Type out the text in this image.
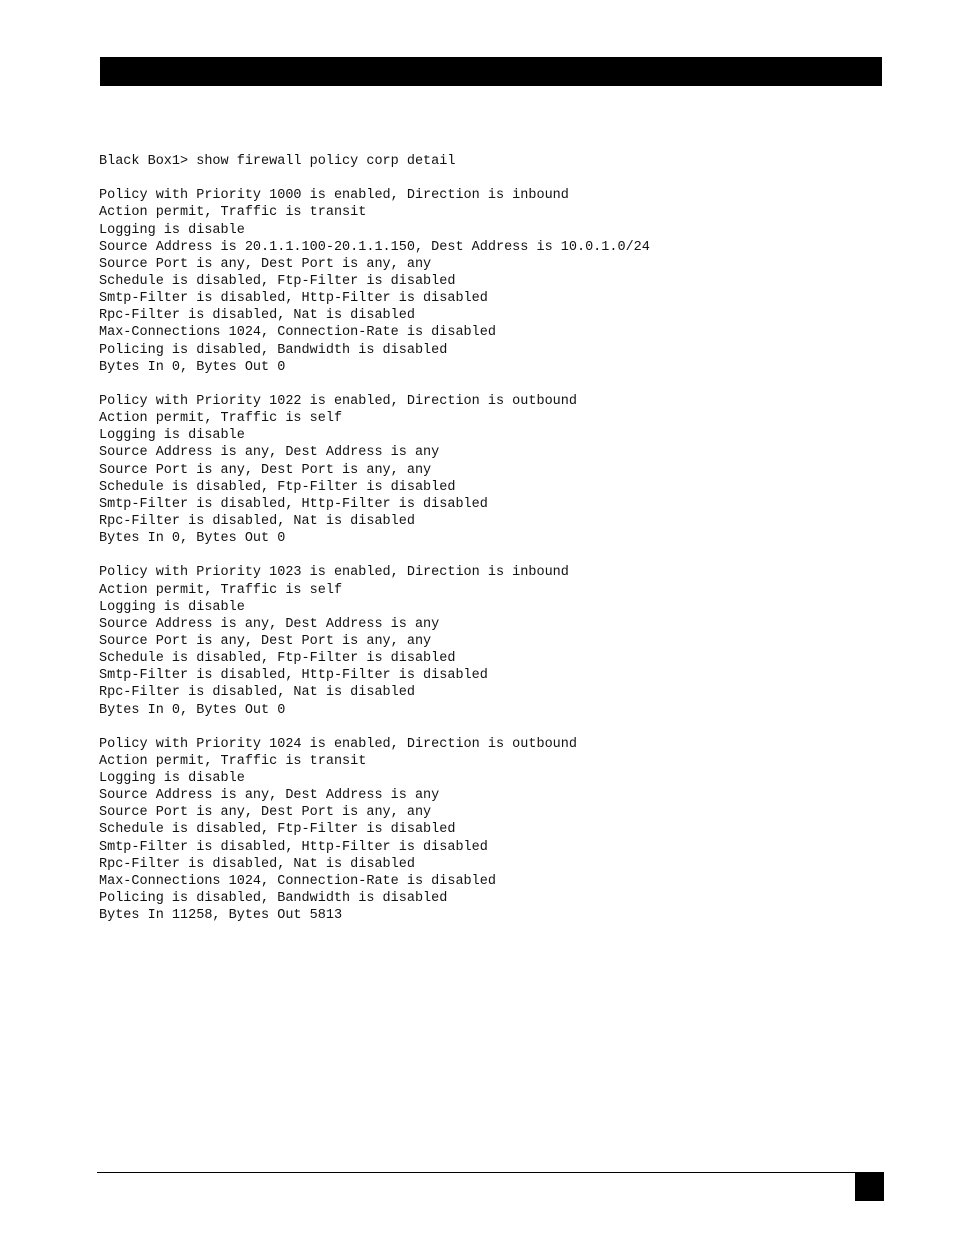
Black Box1> show firewall policy corp detail
Policy with Priority 1000 is enabled, Direction is inbound
Action permit, Traffic is transit
Logging is disable
Source Address is 20.1.1.100-20.1.1.150, Dest Address is 10.0.1.0/24
Source Port is any, Dest Port is any, any
Schedule is disabled, Ftp-Filter is disabled
Smtp-Filter is disabled, Http-Filter is disabled
Rpc-Filter is disabled, Nat is disabled
Max-Connections 1024, Connection-Rate is disabled
Policing is disabled, Bandwidth is disabled
Bytes In 0, Bytes Out 0
Policy with Priority 1022 is enabled, Direction is outbound
Action permit, Traffic is self
Logging is disable
Source Address is any, Dest Address is any
Source Port is any, Dest Port is any, any
Schedule is disabled, Ftp-Filter is disabled
Smtp-Filter is disabled, Http-Filter is disabled
Rpc-Filter is disabled, Nat is disabled
Bytes In 0, Bytes Out 0
Policy with Priority 1023 is enabled, Direction is inbound
Action permit, Traffic is self
Logging is disable
Source Address is any, Dest Address is any
Source Port is any, Dest Port is any, any
Schedule is disabled, Ftp-Filter is disabled
Smtp-Filter is disabled, Http-Filter is disabled
Rpc-Filter is disabled, Nat is disabled
Bytes In 0, Bytes Out 0
Policy with Priority 1024 is enabled, Direction is outbound
Action permit, Traffic is transit
Logging is disable
Source Address is any, Dest Address is any
Source Port is any, Dest Port is any, any
Schedule is disabled, Ftp-Filter is disabled
Smtp-Filter is disabled, Http-Filter is disabled
Rpc-Filter is disabled, Nat is disabled
Max-Connections 1024, Connection-Rate is disabled
Policing is disabled, Bandwidth is disabled
Bytes In 11258, Bytes Out 5813
